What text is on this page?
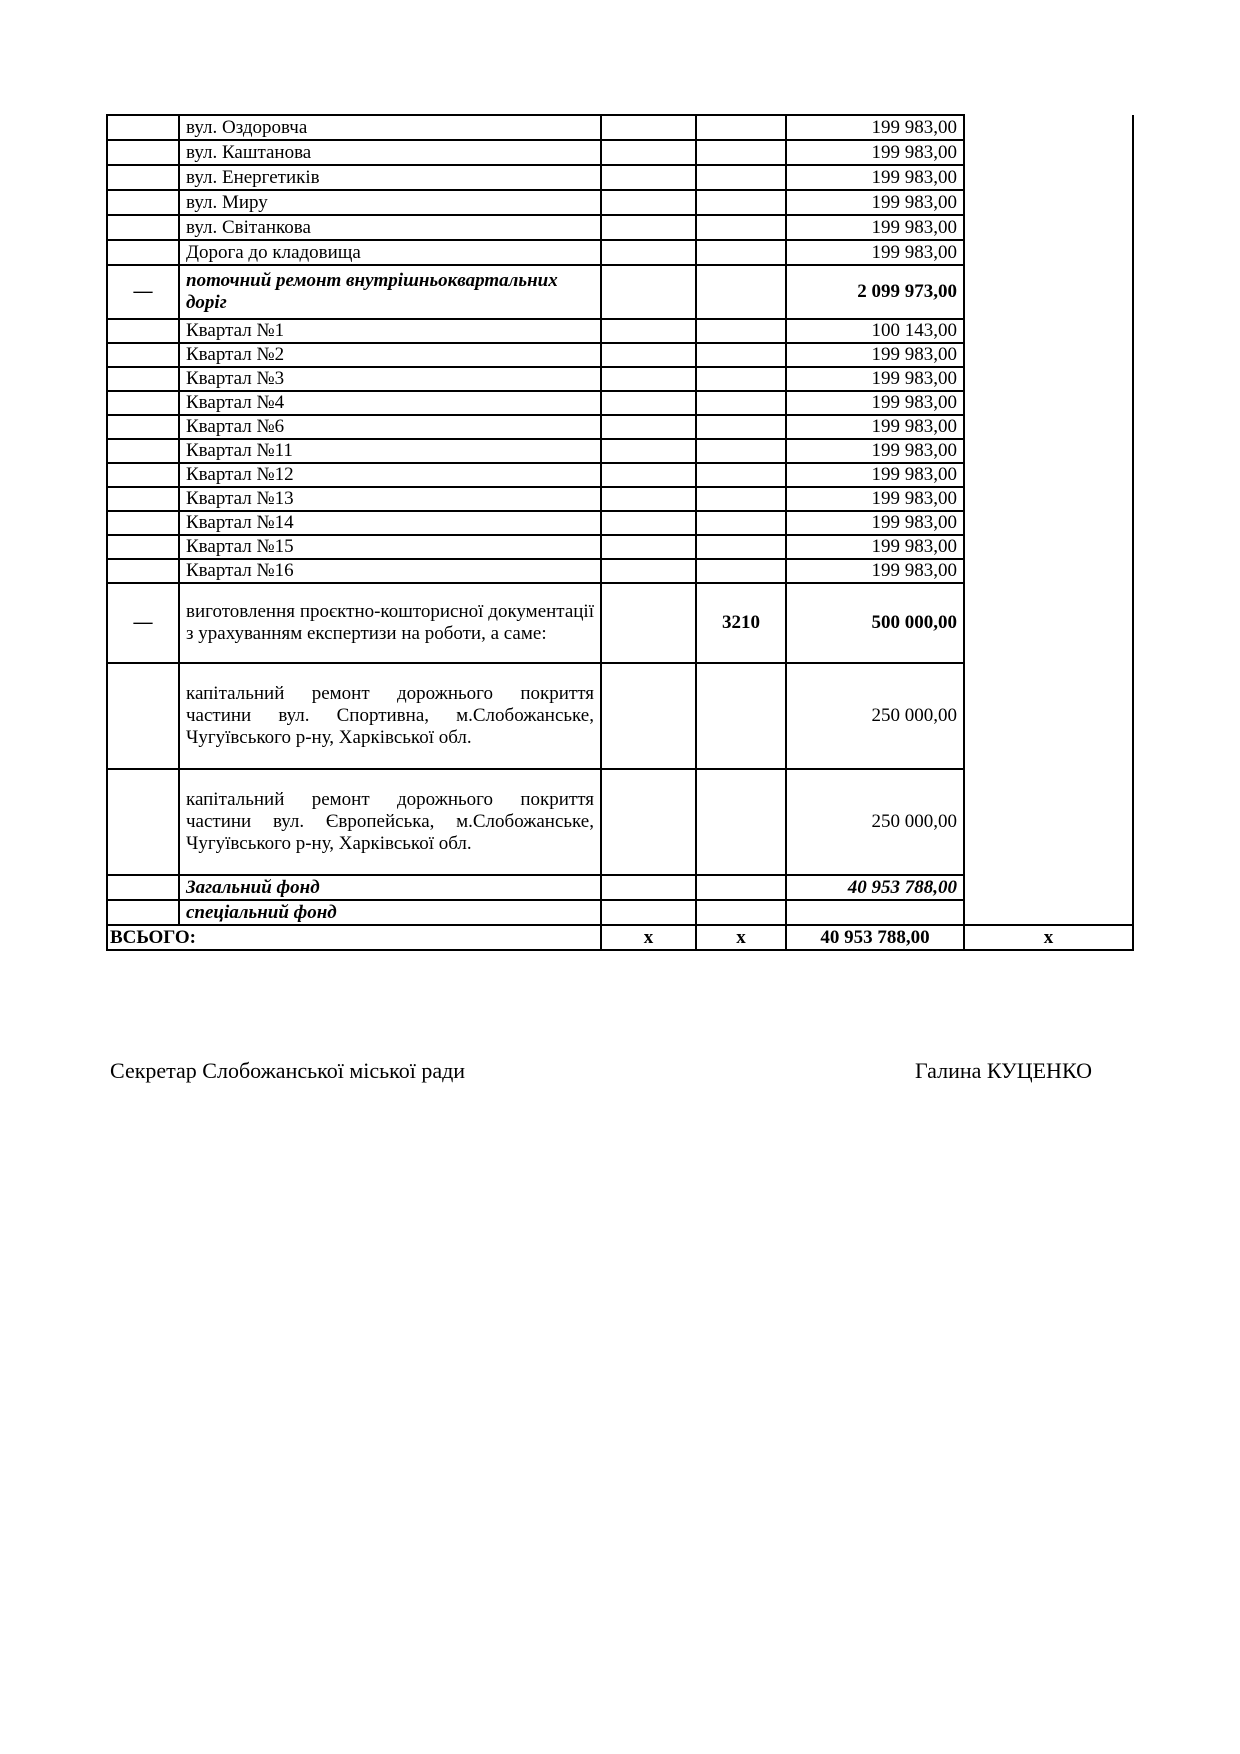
	вул. Оздоровча			199 983,00	
	вул. Каштанова			199 983,00	
	вул. Енергетиків			199 983,00	
	вул. Миру			199 983,00	
	вул. Світанкова			199 983,00	
	Дорога до кладовища			199 983,00	
—	поточний ремонт внутрішньоквартальних доріг			2 099 973,00	
	Квартал №1			100 143,00	
	Квартал №2			199 983,00	
	Квартал №3			199 983,00	
	Квартал №4			199 983,00	
	Квартал №6			199 983,00	
	Квартал №11			199 983,00	
	Квартал №12			199 983,00	
	Квартал №13			199 983,00	
	Квартал №14			199 983,00	
	Квартал №15			199 983,00	
	Квартал №16			199 983,00	
—	виготовлення проєктно-кошторисної документації з урахуванням експертизи на роботи, а саме:		3210	500 000,00	
	капітальний ремонт дорожнього покриття частини вул. Спортивна, м.Слобожанське, Чугуївського р-ну, Харківської обл.			250 000,00	
	капітальний ремонт дорожнього покриття частини вул. Європейська, м.Слобожанське, Чугуївського р-ну, Харківської обл.			250 000,00	
	Загальний фонд			40 953 788,00	
	спеціальний фонд				
ВСЬОГО:		x	x	40 953 788,00	x
Секретар Слобожанської міської ради	Галина КУЦЕНКО
